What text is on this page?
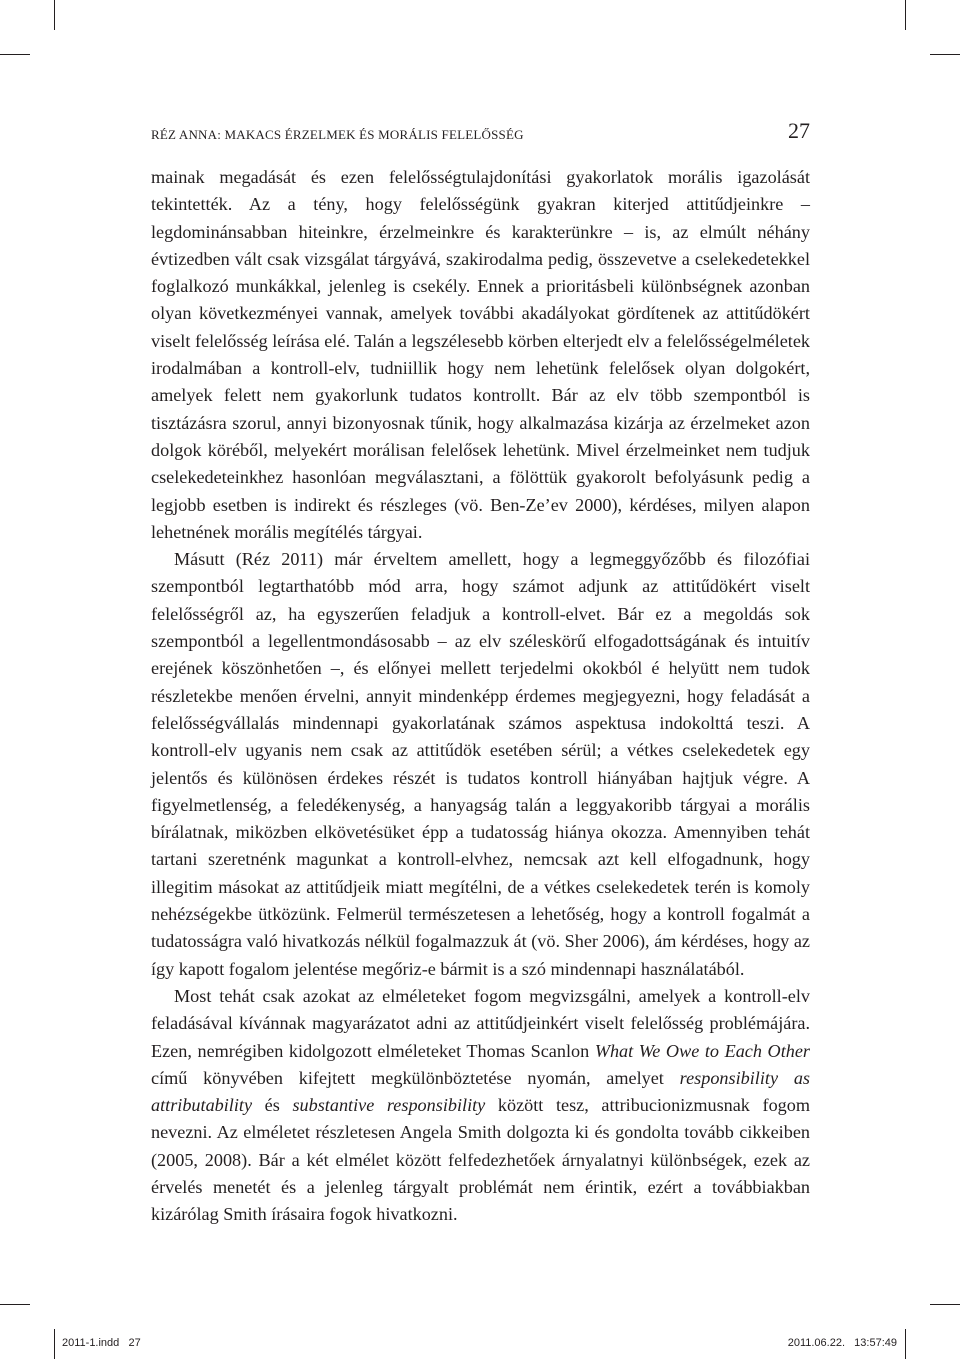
RÉZ ANNA: MAKACS ÉRZELMEK ÉS MORÁLIS FELELŐSSÉG	27

mainak megadását és ezen felelősségtulajdonítási gyakorlatok morális igazolását tekintették. Az a tény, hogy felelősségünk gyakran kiterjed attitűdjeinkre – legdominánsabban hiteinkre, érzelmeinkre és karakterünkre – is, az elmúlt néhány évtizedben vált csak vizsgálat tárgyává, szakirodalma pedig, összevetve a cselekedetekkel foglalkozó munkákkal, jelenleg is csekély. Ennek a prioritásbeli különbségnek azonban olyan következményei vannak, amelyek további akadályokat gördítenek az attitűdökért viselt felelősség leírása elé. Talán a legszélesebb körben elterjedt elv a felelősségelméletek irodalmában a kontroll-elv, tudniillik hogy nem lehetünk felelősek olyan dolgokért, amelyek felett nem gyakorlunk tudatos kontrollt. Bár az elv több szempontból is tisztázásra szorul, annyi bizonyosnak tűnik, hogy alkalmazása kizárja az érzelmeket azon dolgok köréből, melyekért morálisan felelősek lehetünk. Mivel érzelmeinket nem tudjuk cselekedeteinkhez hasonlóan megválasztani, a fölöttük gyakorolt befolyásunk pedig a legjobb esetben is indirekt és részleges (vö. Ben-Ze’ev 2000), kérdéses, milyen alapon lehetnének morális megítélés tárgyai.

Másutt (Réz 2011) már érveltem amellett, hogy a legmeggyőzőbb és filozófiai szempontból legtarthatóbb mód arra, hogy számot adjunk az attitűdökért viselt felelősségről az, ha egyszerűen feladjuk a kontroll-elvet. Bár ez a megoldás sok szempontból a legellentmondásosabb – az elv széleskörű elfogadottságának és intuitív erejének köszönhetően –, és előnyei mellett terjedelmi okokból é helyütt nem tudok részletekbe menően érvelni, annyit mindenképp érdemes megjegyezni, hogy feladását a felelősségvállalás mindennapi gyakorlatának számos aspektusa indokolttá teszi. A kontroll-elv ugyanis nem csak az attitűdök esetében sérül; a vétkes cselekedetek egy jelentős és különösen érdekes részét is tudatos kontroll hiányában hajtjuk végre. A figyelmetlenség, a feledékenység, a hanyagság talán a leggyakoribb tárgyai a morális bírálatnak, miközben elkövetésüket épp a tudatosság hiánya okozza. Amennyiben tehát tartani szeretnénk magunkat a kontroll-elvhez, nemcsak azt kell elfogadnunk, hogy illegitim másokat az attitűdjeik miatt megítélni, de a vétkes cselekedetek terén is komoly nehézségekbe ütközünk. Felmerül természetesen a lehetőség, hogy a kontroll fogalmát a tudatosságra való hivatkozás nélkül fogalmazzuk át (vö. Sher 2006), ám kérdéses, hogy az így kapott fogalom jelentése megőriz-e bármit is a szó mindennapi használatából.

Most tehát csak azokat az elméleteket fogom megvizsgálni, amelyek a kontroll-elv feladásával kívánnak magyarázatot adni az attitűdjeinkért viselt felelősség problémájára. Ezen, nemrégiben kidolgozott elméleteket Thomas Scanlon What We Owe to Each Other című könyvében kifejtett megkülönböztetése nyomán, amelyet responsibility as attributability és substantive responsibility között tesz, attribucionizmusnak fogom nevezni. Az elméletet részletesen Angela Smith dolgozta ki és gondolta tovább cikkeiben (2005, 2008). Bár a két elmélet között felfedezhetőek árnyalatnyi különbségek, ezek az érvelés menetét és a jelenleg tárgyalt problémát nem érintik, ezért a továbbiakban kizárólag Smith írásaira fogok hivatkozni.

2011-1.indd   27	2011.06.22.   13:57:49
